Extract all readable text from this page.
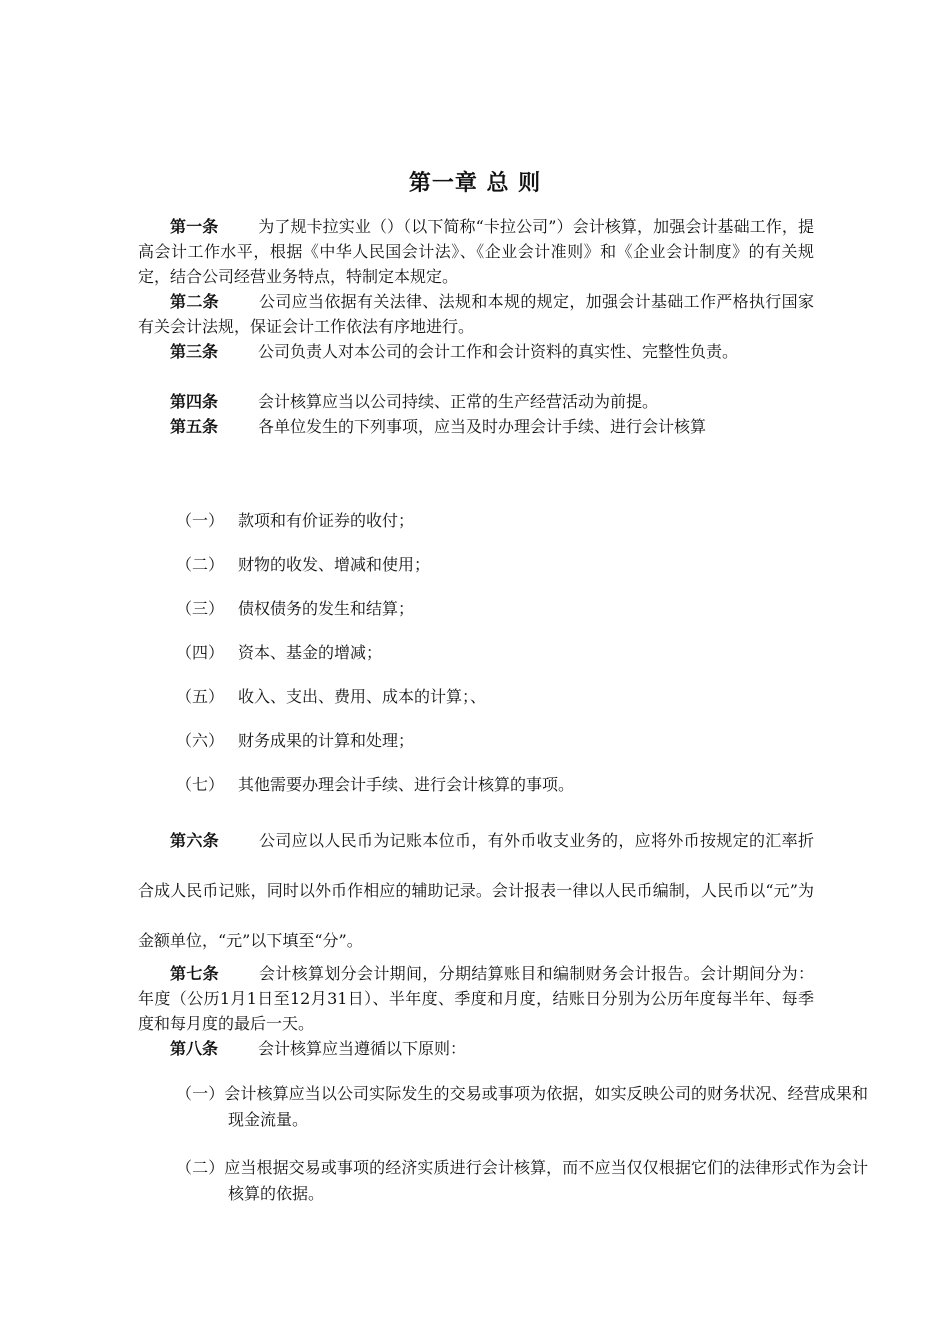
第一章 总 则

第一条	为了规卡拉实业（）（以下简称“卡拉公司”）会计核算，加强会计基础工作，提高会计工作水平，根据《中华人民国会计法》、《企业会计准则》和《企业会计制度》的有关规定，结合公司经营业务特点，特制定本规定。

第二条	公司应当依据有关法律、法规和本规的规定，加强会计基础工作严格执行国家有关会计法规，保证会计工作依法有序地进行。

第三条	公司负责人对本公司的会计工作和会计资料的真实性、完整性负责。

第四条	会计核算应当以公司持续、正常的生产经营活动为前提。

第五条	各单位发生的下列事项，应当及时办理会计手续、进行会计核算

（一） 款项和有价证券的收付；

（二） 财物的收发、增减和使用；

（三） 债权债务的发生和结算；

（四） 资本、基金的增减；

（五） 收入、支出、费用、成本的计算；、

（六） 财务成果的计算和处理；

（七） 其他需要办理会计手续、进行会计核算的事项。

第六条	公司应以人民币为记账本位币，有外币收支业务的，应将外币按规定的汇率折合成人民币记账，同时以外币作相应的辅助记录。会计报表一律以人民币编制，人民币以“元”为金额单位，“元”以下填至“分”。

第七条	会计核算划分会计期间，分期结算账目和编制财务会计报告。会计期间分为：年度（公历1月1日至12月31日）、半年度、季度和月度，结账日分别为公历年度每半年、每季度和每月度的最后一天。

第八条	会计核算应当遵循以下原则：

（一）会计核算应当以公司实际发生的交易或事项为依据，如实反映公司的财务状况、经营成果和现金流量。

（二）应当根据交易或事项的经济实质进行会计核算，而不应当仅仅根据它们的法律形式作为会计核算的依据。
